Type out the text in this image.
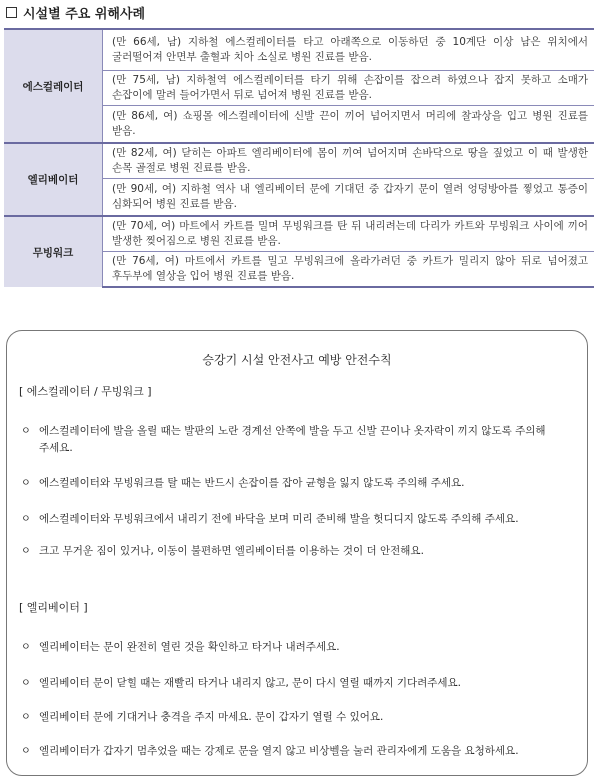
시설별 주요 위해사례
에스컬레이터	(만 66세, 남) 지하철 에스컬레이터를 타고 아래쪽으로 이동하던 중 10계단 이상 남은 위치에서 굴러떨어져 안면부 출혈과 치아 소실로 병원 진료를 받음.
	(만 75세, 남) 지하철역 에스컬레이터를 타기 위해 손잡이를 잡으려 하였으나 잡지 못하고 소매가 손잡이에 말려 들어가면서 뒤로 넘어져 병원 진료를 받음.
	(만 86세, 여) 쇼핑몰 에스컬레이터에 신발 끈이 끼어 넘어지면서 머리에 찰과상을 입고 병원 진료를 받음.
엘리베이터	(만 82세, 여) 닫히는 아파트 엘리베이터에 몸이 끼여 넘어지며 손바닥으로 땅을 짚었고 이 때 발생한 손목 골절로 병원 진료를 받음.
	(만 90세, 여) 지하철 역사 내 엘리베이터 문에 기대던 중 갑자기 문이 열려 엉덩방아를 찧었고 통증이 심화되어 병원 진료를 받음.
무빙워크	(만 70세, 여) 마트에서 카트를 밀며 무빙워크를 탄 뒤 내리려는데 다리가 카트와 무빙워크 사이에 끼어 발생한 찢어짐으로 병원 진료를 받음.
	(만 76세, 여) 마트에서 카트를 밀고 무빙워크에 올라가려던 중 카트가 밀리지 않아 뒤로 넘어졌고 후두부에 열상을 입어 병원 진료를 받음.
승강기 시설 안전사고 예방 안전수칙
[ 에스컬레이터 / 무빙워크 ]
ㅇ 에스컬레이터에 발을 올릴 때는 발판의 노란 경계선 안쪽에 발을 두고 신발 끈이나 옷자락이 끼지 않도록 주의해 주세요.
ㅇ 에스컬레이터와 무빙워크를 탈 때는 반드시 손잡이를 잡아 균형을 잃지 않도록 주의해 주세요.
ㅇ 에스컬레이터와 무빙워크에서 내리기 전에 바닥을 보며 미리 준비해 발을 헛디디지 않도록 주의해 주세요.
ㅇ 크고 무거운 짐이 있거나, 이동이 불편하면 엘리베이터를 이용하는 것이 더 안전해요.
[ 엘리베이터 ]
ㅇ 엘리베이터는 문이 완전히 열린 것을 확인하고 타거나 내려주세요.
ㅇ 엘리베이터 문이 닫힐 때는 재빨리 타거나 내리지 않고, 문이 다시 열릴 때까지 기다려주세요.
ㅇ 엘리베이터 문에 기대거나 충격을 주지 마세요. 문이 갑자기 열릴 수 있어요.
ㅇ 엘리베이터가 갑자기 멈추었을 때는 강제로 문을 열지 않고 비상벨을 눌러 관리자에게 도움을 요청하세요.
